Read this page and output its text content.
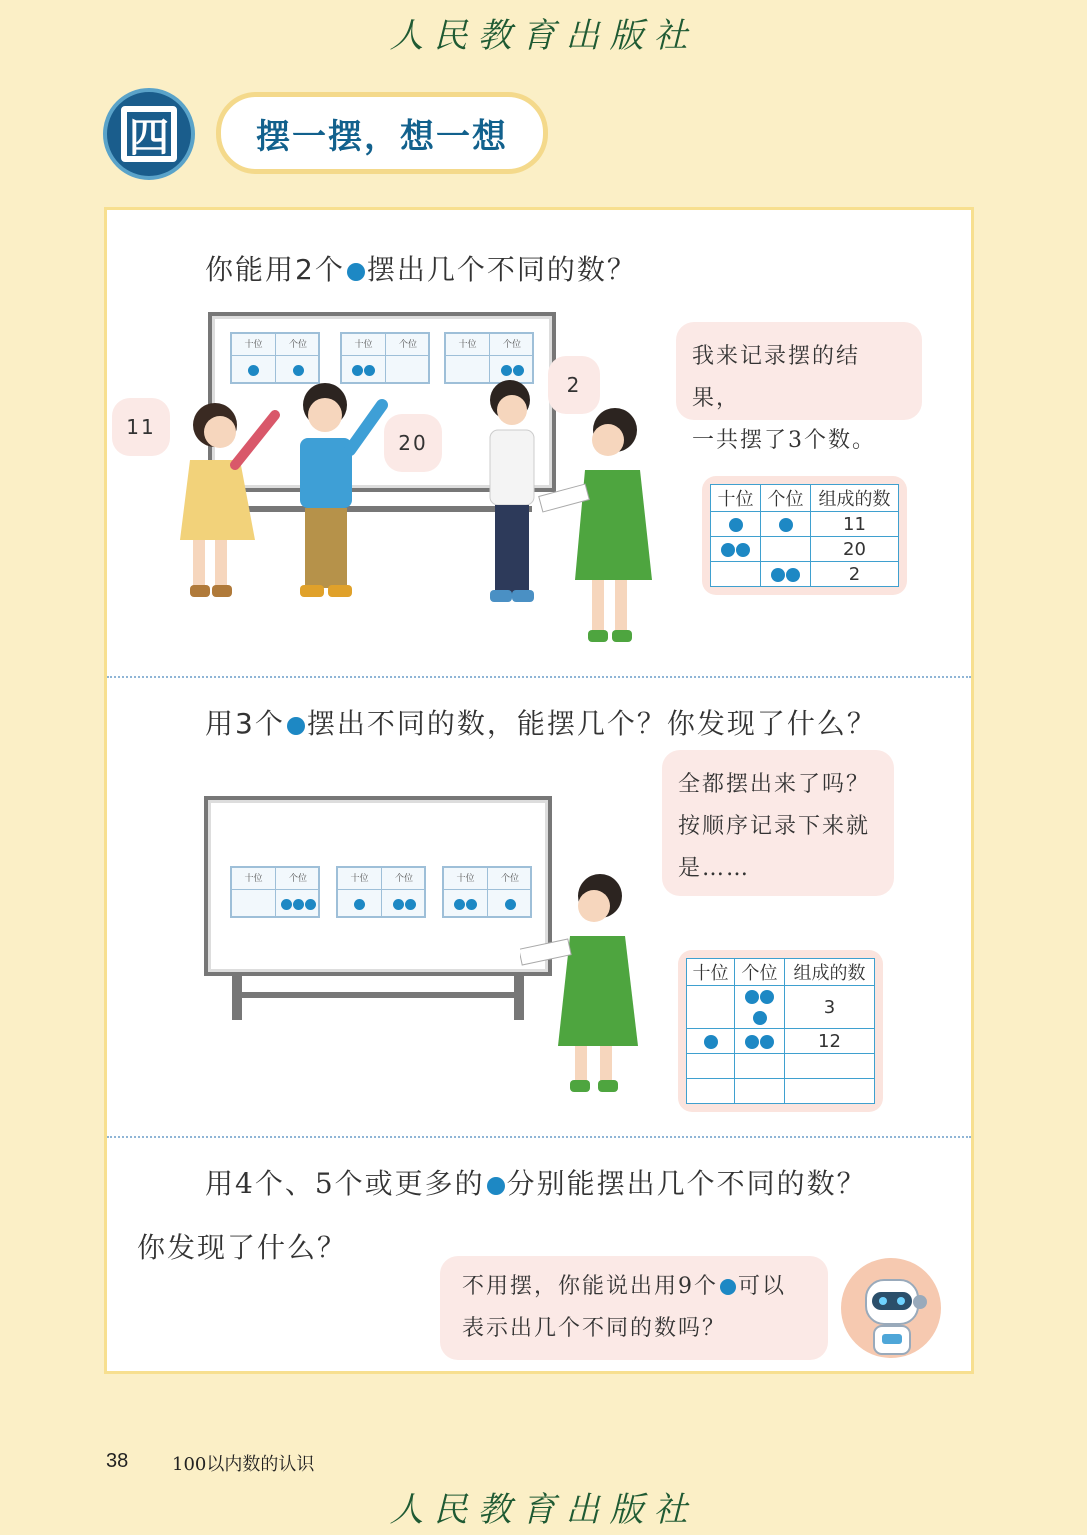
人民教育出版社
四	摆一摆，想一想
你能用2个 摆出几个不同的数？
十位	个位	十位	个位	十位	个位
11
20
2
我来记录摆的结果，
一共摆了3个数。
十位	个位	组成的数
		11
		20
		2
用3个 摆出不同的数，能摆几个？你发现了什么？
十位	个位	十位	个位	十位	个位
全都摆出来了吗？
按顺序记录下来就
是……
十位	个位	组成的数
		3
		12

用4个、5个或更多的 分别能摆出几个不同的数？
你发现了什么？
不用摆，你能说出用9个 可以
表示出几个不同的数吗？
38 100以内数的认识
人民教育出版社
